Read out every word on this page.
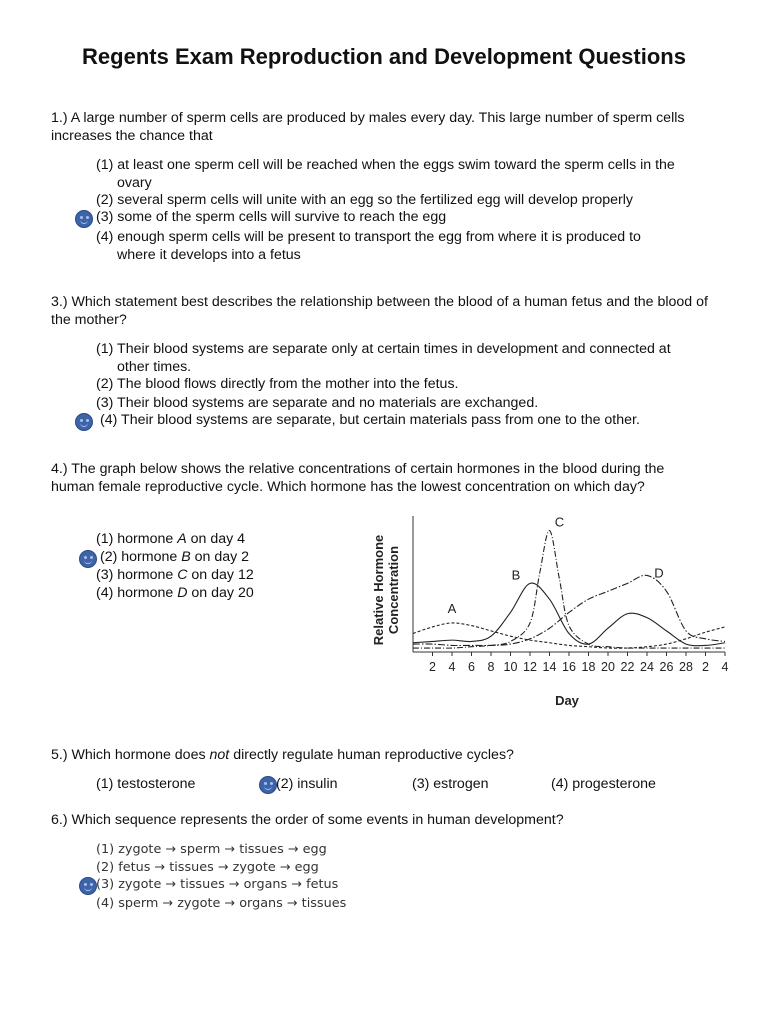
Regents Exam Reproduction and Development Questions
1.) A large number of sperm cells are produced by males every day. This large number of sperm cells increases the chance that
(1) at least one sperm cell will be reached when the eggs swim toward the sperm cells in the
ovary
(2) several sperm cells will unite with an egg so the fertilized egg will develop properly
(3) some of the sperm cells will survive to reach the egg
(4) enough sperm cells will be present to transport the egg from where it is produced to
where it develops into a fetus
3.) Which statement best describes the relationship between the blood of a human fetus and the blood of the mother?
(1) Their blood systems are separate only at certain times in development and connected at
other times.
(2) The blood flows directly from the mother into the fetus.
(3) Their blood systems are separate and no materials are exchanged.
(4) Their blood systems are separate, but certain materials pass from one to the other.
4.) The graph below shows the relative concentrations of certain hormones in the blood during the human female reproductive cycle. Which hormone has the lowest concentration on which day?
(1) hormone A on day 4
(2) hormone B on day 2
(3) hormone C on day 12
(4) hormone D on day 20	Relative Hormone Concentration
2 4 6 8 10 12 14 16 18 20 22 24 26 28 2 4
A
B
C
D
Day
5.) Which hormone does not directly regulate human reproductive cycles?
(1) testosterone	(2) insulin	(3) estrogen	(4) progesterone
6.) Which sequence represents the order of some events in human development?
(1) zygote → sperm → tissues → egg
(2) fetus → tissues → zygote → egg
(3) zygote → tissues → organs → fetus
(4) sperm → zygote → organs → tissues
